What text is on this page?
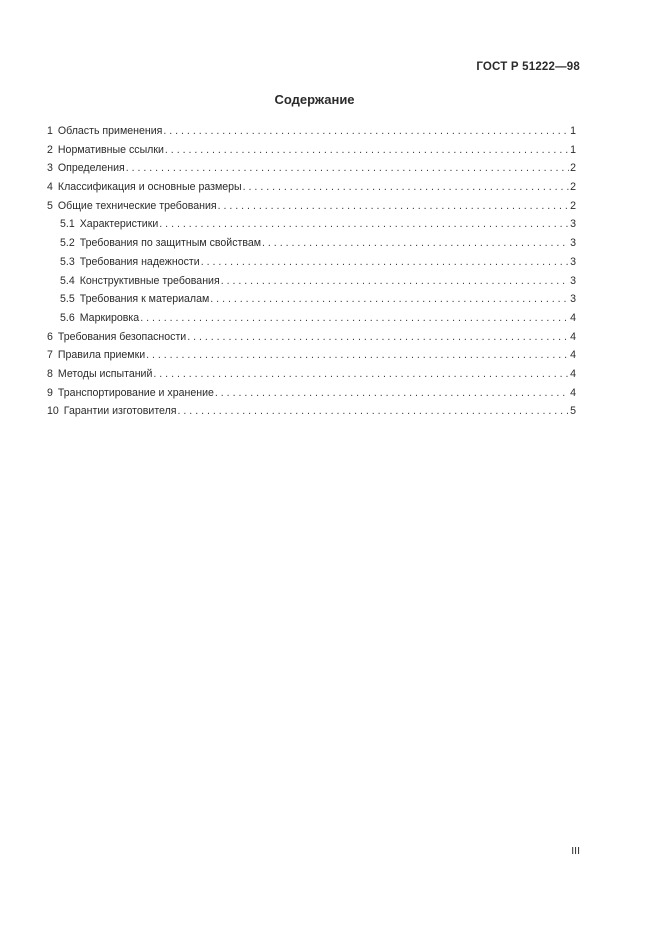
ГОСТ Р 51222—98
Содержание
1 Область применения . . .	1
2 Нормативные ссылки . . .	1
3 Определения . . .	2
4 Классификация и основные размеры . . .	2
5 Общие технические требования . . .	2
5.1 Характеристики . . .	3
5.2 Требования по защитным свойствам . . .	3
5.3 Требования надежности . . .	3
5.4 Конструктивные требования . . .	3
5.5 Требования к материалам . . .	3
5.6 Маркировка . . .	4
6 Требования безопасности . . .	4
7 Правила приемки . . .	4
8 Методы испытаний . . .	4
9 Транспортирование и хранение . . .	4
10 Гарантии изготовителя . . .	5
III
